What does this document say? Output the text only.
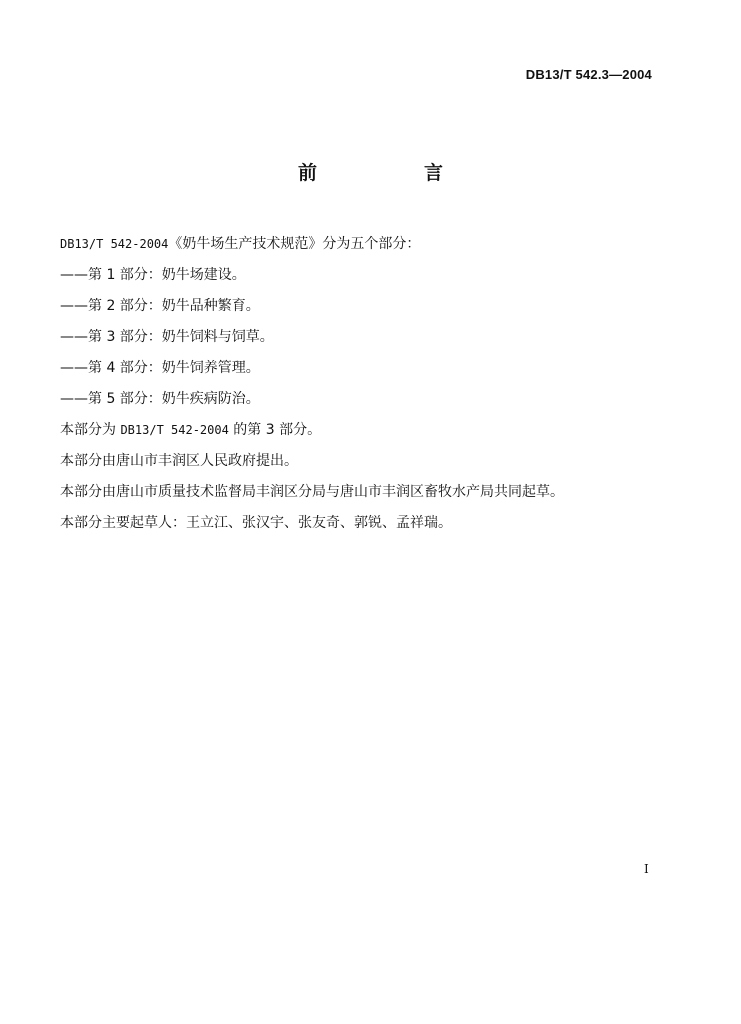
DB13/T 542.3—2004
前　言
DB13/T 542-2004《奶牛场生产技术规范》分为五个部分：
——第 1 部分：奶牛场建设。
——第 2 部分：奶牛品种繁育。
——第 3 部分：奶牛饲料与饲草。
——第 4 部分：奶牛饲养管理。
——第 5 部分：奶牛疾病防治。
本部分为 DB13/T 542-2004 的第 3 部分。
本部分由唐山市丰润区人民政府提出。
本部分由唐山市质量技术监督局丰润区分局与唐山市丰润区畜牧水产局共同起草。
本部分主要起草人：王立江、张汉宇、张友奇、郭锐、孟祥瑞。
I
